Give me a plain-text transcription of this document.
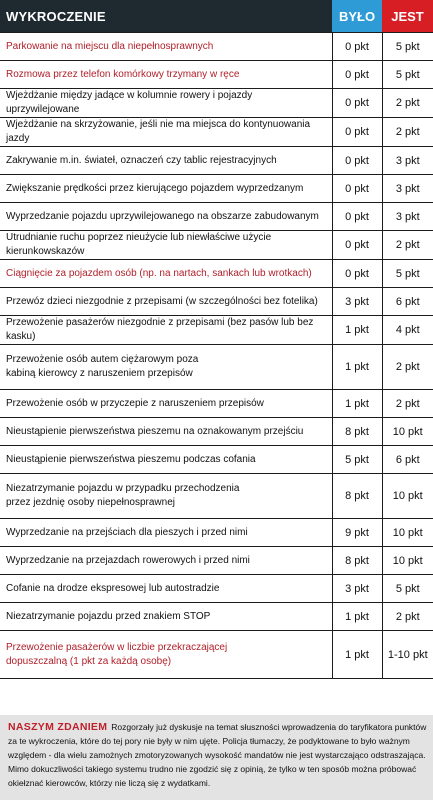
WYKROCZENIE	BYŁO	JEST
Parkowanie na miejscu dla niepełnosprawnych	0 pkt	5 pkt
Rozmowa przez telefon komórkowy trzymany w ręce	0 pkt	5 pkt
Wjeżdżanie między jadące w kolumnie rowery i pojazdy uprzywilejowane	0 pkt	2 pkt
Wjeżdżanie na skrzyżowanie, jeśli nie ma miejsca do kontynuowania jazdy	0 pkt	2 pkt
Zakrywanie m.in. świateł, oznaczeń czy tablic rejestracyjnych	0 pkt	3 pkt
Zwiększanie prędkości przez kierującego pojazdem wyprzedzanym	0 pkt	3 pkt
Wyprzedzanie pojazdu uprzywilejowanego na obszarze zabudowanym	0 pkt	3 pkt
Utrudnianie ruchu poprzez nieużycie lub niewłaściwe użycie kierunkowskazów	0 pkt	2 pkt
Ciągnięcie za pojazdem osób (np. na nartach, sankach lub wrotkach)	0 pkt	5 pkt
Przewóz dzieci niezgodnie z przepisami (w szczególności bez fotelika)	3 pkt	6 pkt
Przewożenie pasażerów niezgodnie z przepisami (bez pasów lub bez kasku)	1 pkt	4 pkt
Przewożenie osób autem ciężarowym poza
kabiną kierowcy z naruszeniem przepisów	1 pkt	2 pkt
Przewożenie osób w przyczepie z naruszeniem przepisów	1 pkt	2 pkt
Nieustąpienie pierwszeństwa pieszemu na oznakowanym przejściu	8 pkt	10 pkt
Nieustąpienie pierwszeństwa pieszemu podczas cofania	5 pkt	6 pkt
Niezatrzymanie pojazdu w przypadku przechodzenia
przez jezdnię osoby niepełnosprawnej	8 pkt	10 pkt
Wyprzedzanie na przejściach dla pieszych i przed nimi	9 pkt	10 pkt
Wyprzedzanie na przejazdach rowerowych i przed nimi	8 pkt	10 pkt
Cofanie na drodze ekspresowej lub autostradzie	3 pkt	5 pkt
Niezatrzymanie pojazdu przed znakiem STOP	1 pkt	2 pkt
Przewożenie pasażerów w liczbie przekraczającej
dopuszczalną (1 pkt za każdą osobę)	1 pkt	1-10 pkt
NASZYM ZDANIEM Rozgorzały już dyskusje na temat słuszności wprowadzenia do taryfikatora punktów za te wykroczenia, które do tej pory nie były w nim ujęte. Policja tłumaczy, że podyktowane to było ważnym względem - dla wielu zamożnych zmotoryzowanych wysokość mandatów nie jest wystarczająco odstraszająca. Mimo dokuczliwości takiego systemu trudno nie zgodzić się z opinią, że tylko w ten sposób można próbować okiełznać kierowców, którzy nie liczą się z wydatkami.
